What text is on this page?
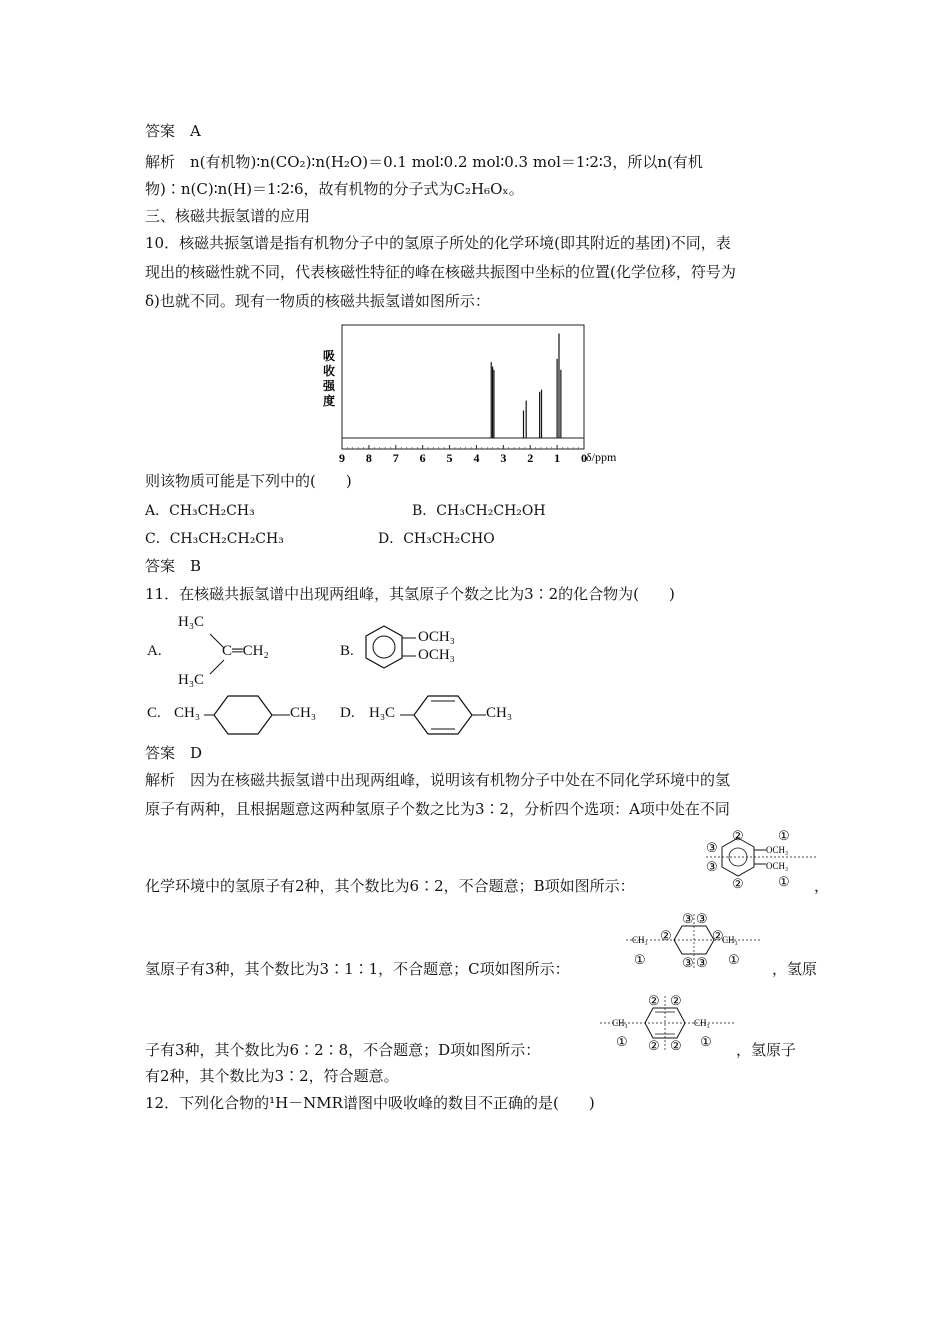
答案　A
解析　n(有机物)∶n(CO₂)∶n(H₂O)＝0.1 mol∶0.2 mol∶0.3 mol＝1∶2∶3，所以n(有机
物)∶n(C)∶n(H)＝1∶2∶6，故有机物的分子式为C₂H₆Oₓ。
三、核磁共振氢谱的应用
10．核磁共振氢谱是指有机物分子中的氢原子所处的化学环境(即其附近的基团)不同，表
现出的核磁性就不同，代表核磁性特征的峰在核磁共振图中坐标的位置(化学位移，符号为
δ)也就不同。现有一物质的核磁共振氢谱如图所示：
吸收强度
9 8 7 6 5 4 3 2 1 0 δ/ppm
则该物质可能是下列中的(　　)
A．CH₃CH₂CH₃	B．CH₃CH₂CH₂OH
C．CH₃CH₂CH₂CH₃	D．CH₃CH₂CHO
答案　B
11．在核磁共振氢谱中出现两组峰，其氢原子个数之比为3∶2的化合物为(　　)
A.
H₃C
C═CH₂
H₃C
B.
OCH₃
OCH₃
C. CH₃	CH₃ D. H₃C	CH₃
答案　D
解析　因为在核磁共振氢谱中出现两组峰，说明该有机物分子中处在不同化学环境中的氢
原子有两种，且根据题意这两种氢原子个数之比为3∶2，分析四个选项：A项中处在不同
②
②
③
③
OCH₃
OCH₃
①
①
化学环境中的氢原子有2种，其个数比为6∶2，不合题意；B项如图所示：	，
CH₃	CH₃
③ ③
③ ③
②	②
①	①
氢原子有3种，其个数比为3∶1∶1，不合题意；C项如图所示：	，氢原
CH₃	CH₃
② ②
② ②
①	①
子有3种，其个数比为6∶2∶8，不合题意；D项如图所示：	，氢原子
有2种，其个数比为3∶2，符合题意。
12．下列化合物的¹H－NMR谱图中吸收峰的数目不正确的是(　　)
